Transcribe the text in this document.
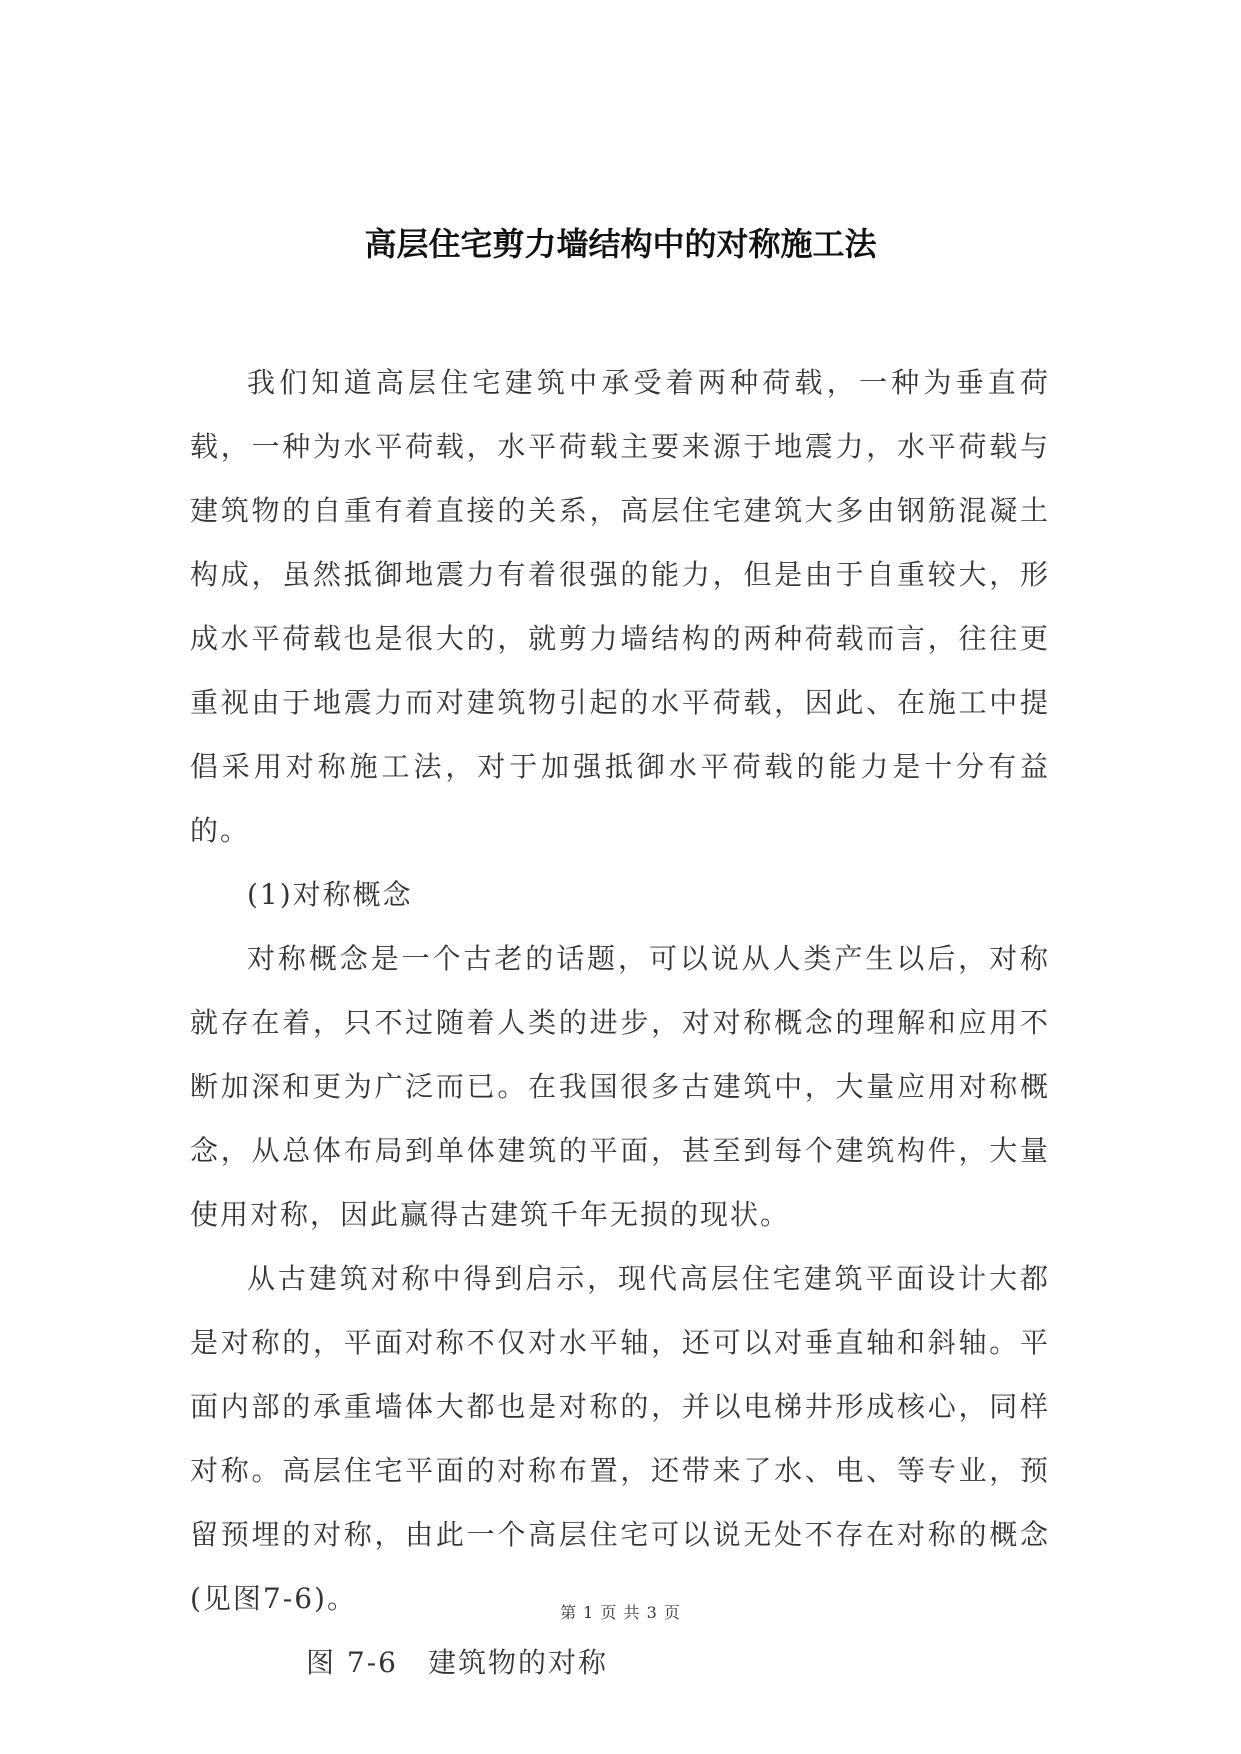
高层住宅剪力墙结构中的对称施工法

我们知道高层住宅建筑中承受着两种荷载，一种为垂直荷载，一种为水平荷载，水平荷载主要来源于地震力，水平荷载与建筑物的自重有着直接的关系，高层住宅建筑大多由钢筋混凝土构成，虽然抵御地震力有着很强的能力，但是由于自重较大，形成水平荷载也是很大的，就剪力墙结构的两种荷载而言，往往更重视由于地震力而对建筑物引起的水平荷载，因此、在施工中提倡采用对称施工法，对于加强抵御水平荷载的能力是十分有益的。

(1)对称概念

对称概念是一个古老的话题，可以说从人类产生以后，对称就存在着，只不过随着人类的进步，对对称概念的理解和应用不断加深和更为广泛而已。在我国很多古建筑中，大量应用对称概念，从总体布局到单体建筑的平面，甚至到每个建筑构件，大量使用对称，因此赢得古建筑千年无损的现状。

从古建筑对称中得到启示，现代高层住宅建筑平面设计大都是对称的，平面对称不仅对水平轴，还可以对垂直轴和斜轴。平面内部的承重墙体大都也是对称的，并以电梯井形成核心，同样对称。高层住宅平面的对称布置，还带来了水、电、等专业，预留预埋的对称，由此一个高层住宅可以说无处不存在对称的概念(见图7-6)。

图 7-6　建筑物的对称

第 1 页 共 3 页
